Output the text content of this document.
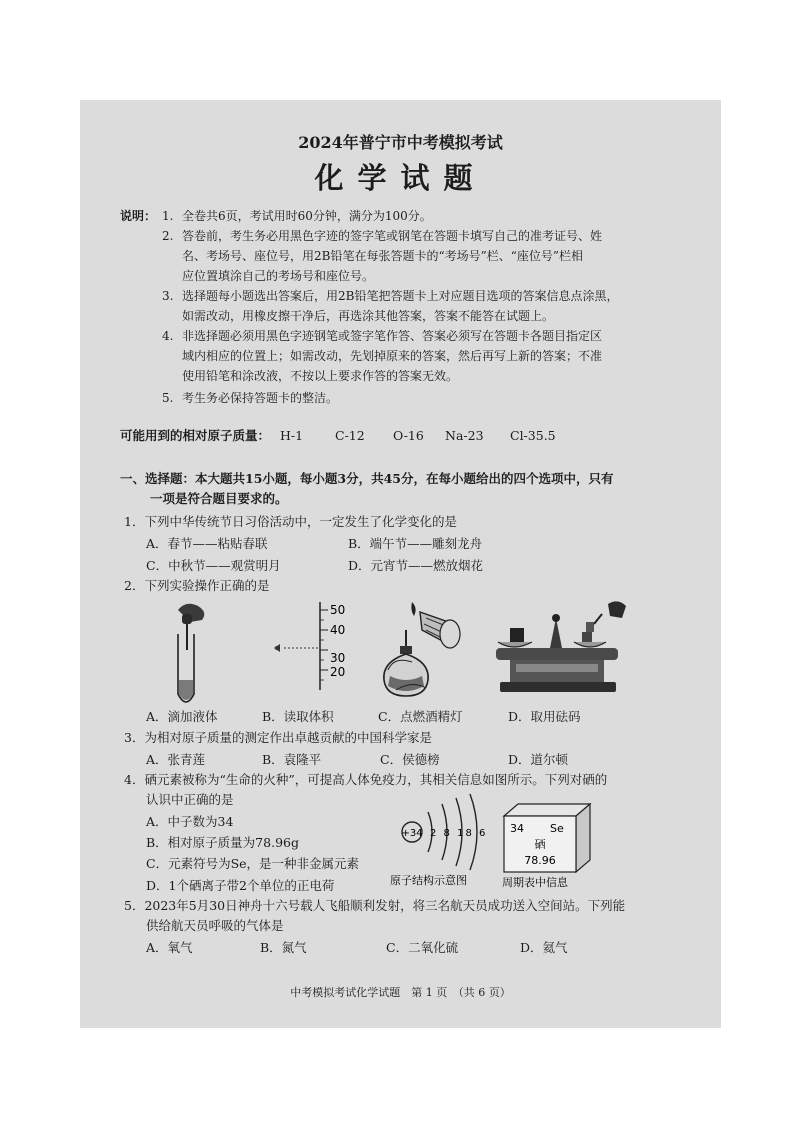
2024年普宁市中考模拟考试
化学试题
说明： 1. 全卷共6页，考试用时60分钟，满分为100分。
2. 答卷前，考生务必用黑色字迹的签字笔或钢笔在答题卡填写自己的准考证号、姓
名、考场号、座位号，用2B铅笔在每张答题卡的“考场号”栏、“座位号”栏相
应位置填涂自己的考场号和座位号。
3. 选择题每小题选出答案后，用2B铅笔把答题卡上对应题目选项的答案信息点涂黑，
如需改动，用橡皮擦干净后，再选涂其他答案，答案不能答在试题上。
4. 非选择题必须用黑色字迹钢笔或签字笔作答、答案必须写在答题卡各题目指定区
域内相应的位置上；如需改动，先划掉原来的答案，然后再写上新的答案；不准
使用铅笔和涂改液，不按以上要求作答的答案无效。
5. 考生务必保持答题卡的整洁。
可能用到的相对原子质量： H-1	C-12 O-16 Na-23 Cl-35.5
一、选择题：本大题共15小题，每小题3分，共45分，在每小题给出的四个选项中，只有
一项是符合题目要求的。
1．下列中华传统节日习俗活动中，一定发生了化学变化的是
A．春节——粘贴春联	B．端午节——雕刻龙舟
C．中秋节——观赏明月	D．元宵节——燃放烟花
2．下列实验操作正确的是
50
40
30
20
A．滴加液体	B．读取体积	C．点燃酒精灯	D．取用砝码
3．为相对原子质量的测定作出卓越贡献的中国科学家是
A．张青莲	B．袁隆平	C．侯德榜	D．道尔顿
4．硒元素被称为“生命的火种”，可提高人体免疫力，其相关信息如图所示。下列对硒的
认识中正确的是
A．中子数为34
B．相对原子质量为78.96g
C．元素符号为Se，是一种非金属元素
D．1个硒离子带2个单位的正电荷
+34 2 8 18 6
原子结构示意图
34 Se
硒
78.96
周期表中信息
5．2023年5月30日神舟十六号载人飞船顺利发射，将三名航天员成功送入空间站。下列能
供给航天员呼吸的气体是
A．氧气	B．氮气	C．二氧化硫	D．氦气
中考模拟考试化学试题　第 1 页　（共 6 页）
